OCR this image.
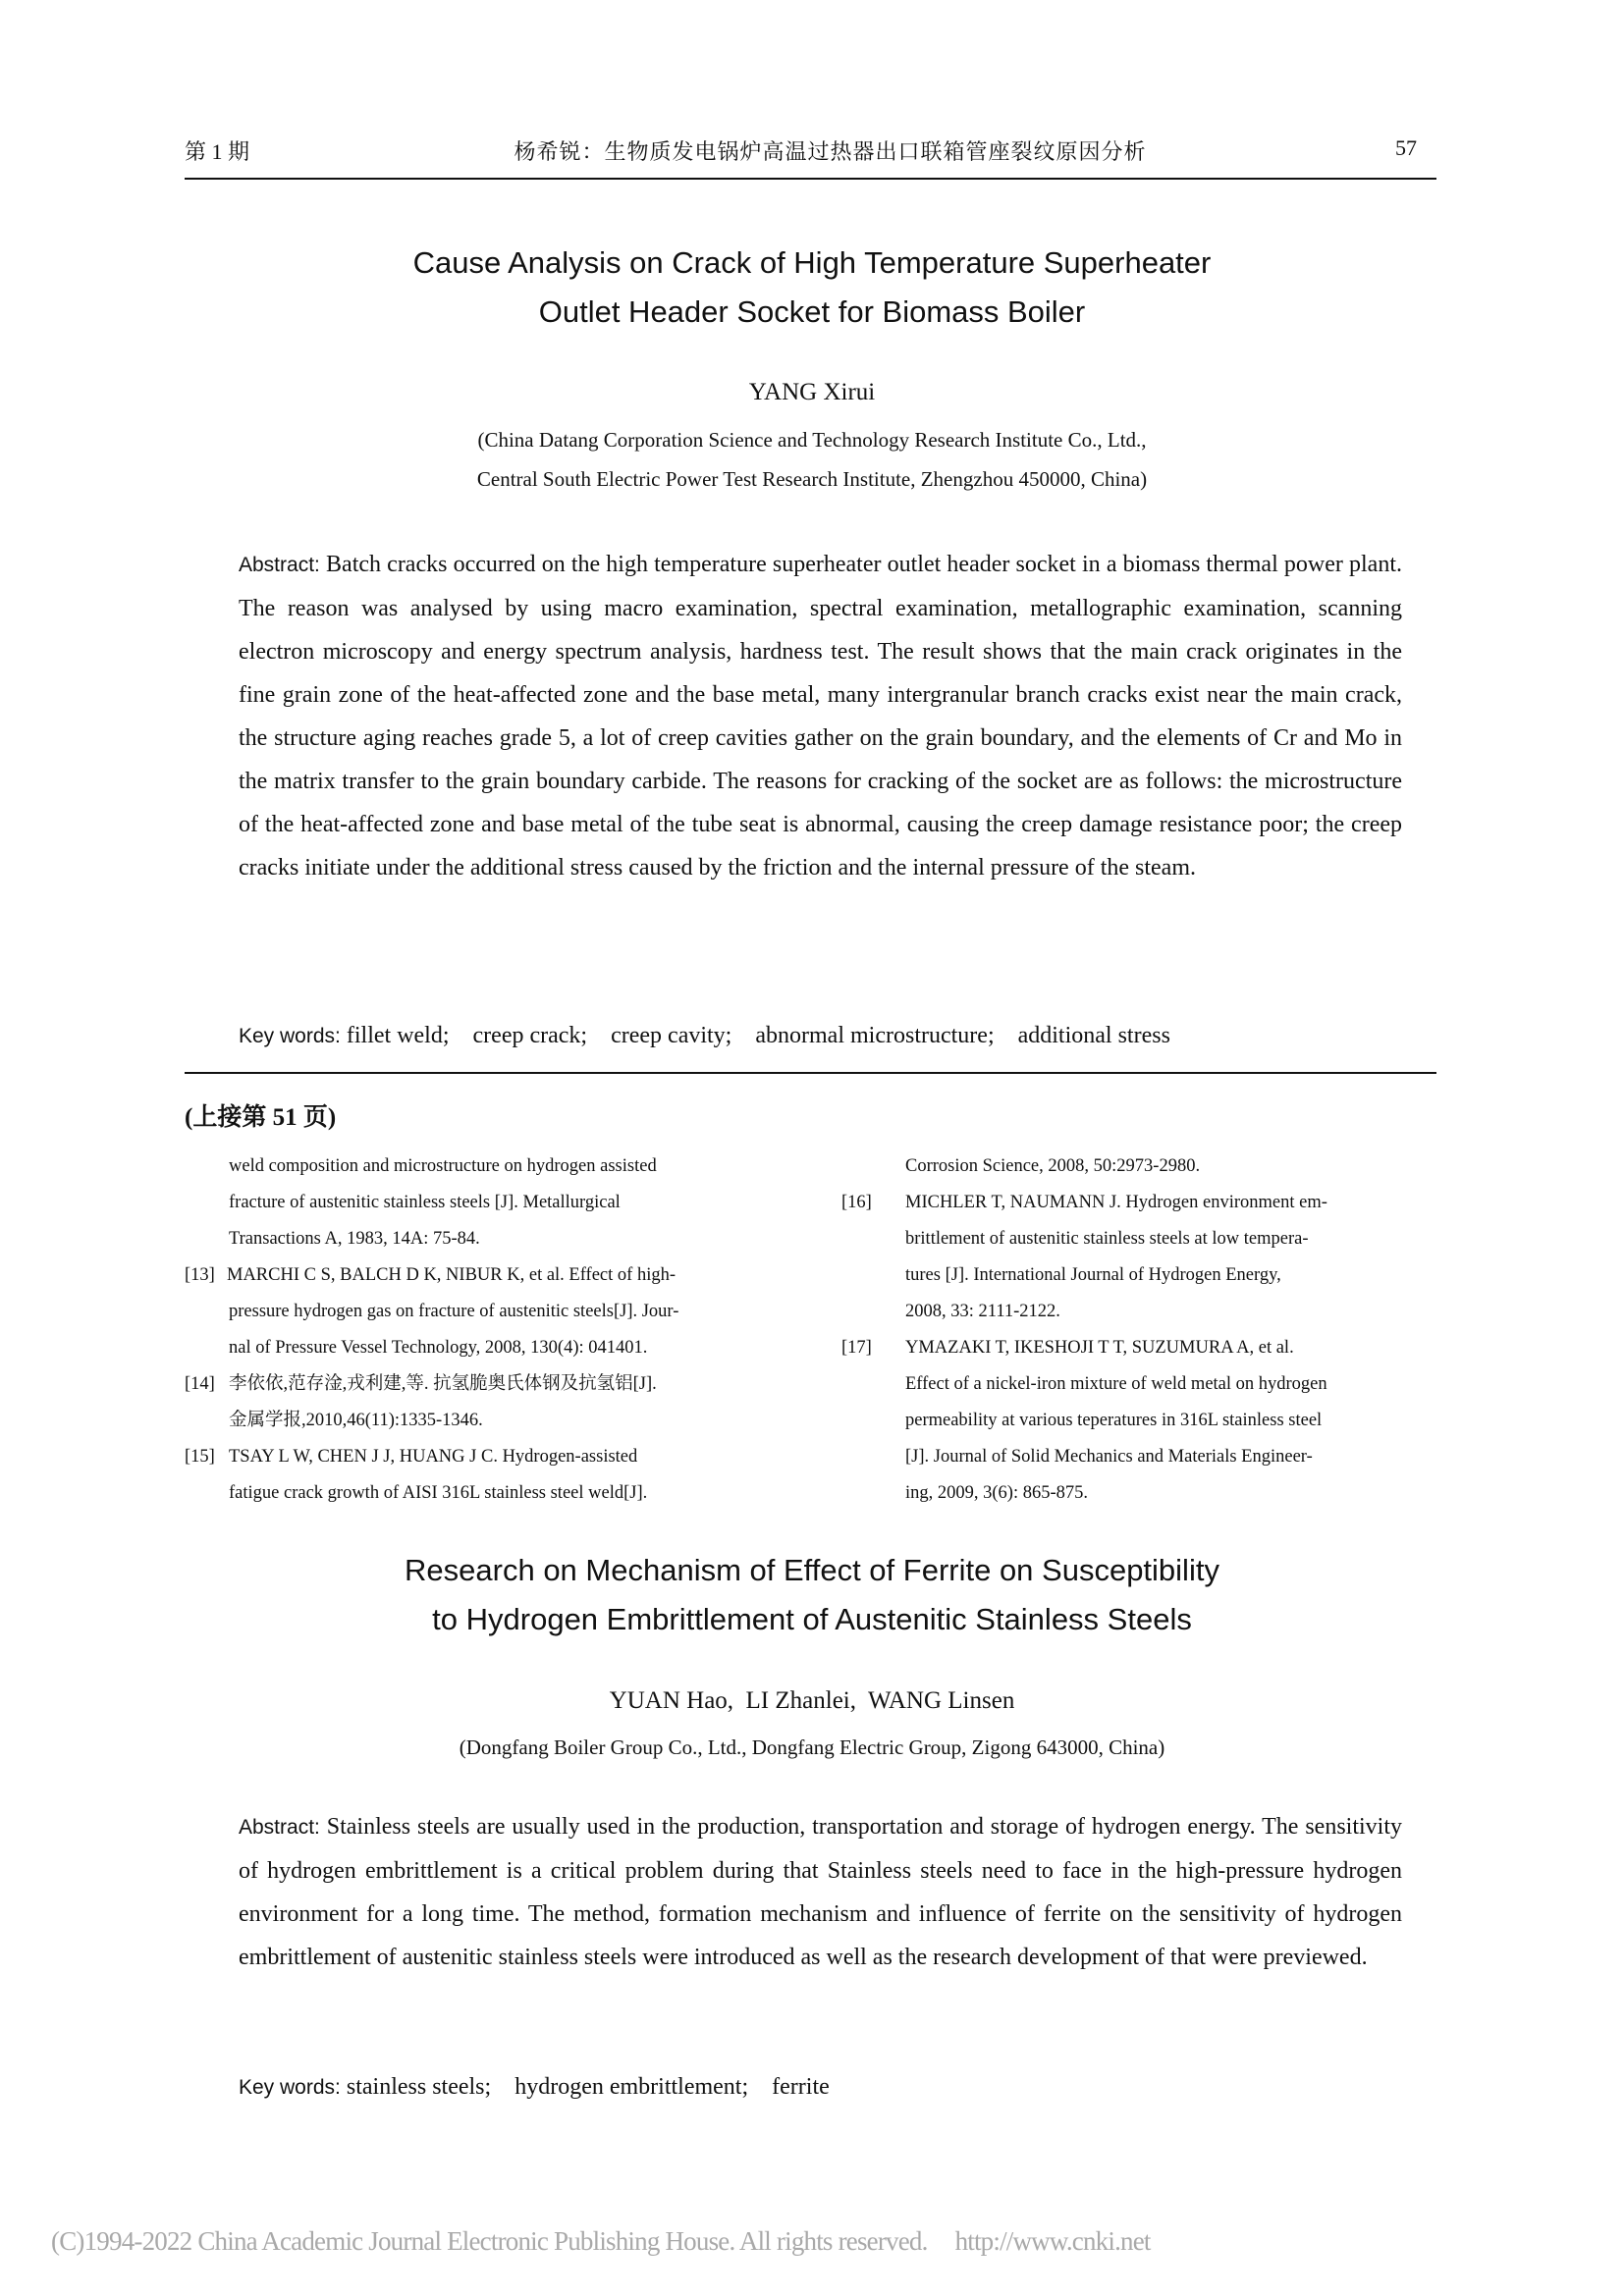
第 1 期	杨希锐：生物质发电锅炉高温过热器出口联箱管座裂纹原因分析	57
Cause Analysis on Crack of High Temperature Superheater
Outlet Header Socket for Biomass Boiler
YANG Xirui
(China Datang Corporation Science and Technology Research Institute Co., Ltd.,
Central South Electric Power Test Research Institute, Zhengzhou 450000, China)
Abstract: Batch cracks occurred on the high temperature superheater outlet header socket in a biomass thermal power plant. The reason was analysed by using macro examination, spectral examination, metallographic examination, scanning electron microscopy and energy spectrum analysis, hardness test. The result shows that the main crack originates in the fine grain zone of the heat-affected zone and the base metal, many intergranular branch cracks exist near the main crack, the structure aging reaches grade 5, a lot of creep cavities gather on the grain boundary, and the elements of Cr and Mo in the matrix transfer to the grain boundary carbide. The reasons for cracking of the socket are as follows: the microstructure of the heat-affected zone and base metal of the tube seat is abnormal, causing the creep damage resistance poor; the creep cracks initiate under the additional stress caused by the friction and the internal pressure of the steam.
Key words: fillet weld; creep crack; creep cavity; abnormal microstructure; additional stress
(上接第 51 页)
weld composition and microstructure on hydrogen assisted
fracture of austenitic stainless steels [J]. Metallurgical
Transactions A, 1983, 14A: 75-84.
[13] MARCHI C S, BALCH D K, NIBUR K, et al. Effect of high-
pressure hydrogen gas on fracture of austenitic steels[J]. Jour-
nal of Pressure Vessel Technology, 2008, 130(4): 041401.
[14] 李依依,范存淦,戎利建,等. 抗氢脆奥氏体钢及抗氢铝[J].
金属学报,2010,46(11):1335-1346.
[15] TSAY L W, CHEN J J, HUANG J C. Hydrogen-assisted
fatigue crack growth of AISI 316L stainless steel weld[J].
Corrosion Science, 2008, 50:2973-2980.
[16] MICHLER T, NAUMANN J. Hydrogen environment em-
brittlement of austenitic stainless steels at low tempera-
tures [J]. International Journal of Hydrogen Energy,
2008, 33: 2111-2122.
[17] YMAZAKI T, IKESHOJI T T, SUZUMURA A, et al.
Effect of a nickel-iron mixture of weld metal on hydrogen
permeability at various teperatures in 316L stainless steel
[J]. Journal of Solid Mechanics and Materials Engineer-
ing, 2009, 3(6): 865-875.
Research on Mechanism of Effect of Ferrite on Susceptibility
to Hydrogen Embrittlement of Austenitic Stainless Steels
YUAN Hao,  LI Zhanlei,  WANG Linsen
(Dongfang Boiler Group Co., Ltd., Dongfang Electric Group, Zigong 643000, China)
Abstract: Stainless steels are usually used in the production, transportation and storage of hydrogen energy. The sensitivity of hydrogen embrittlement is a critical problem during that Stainless steels need to face in the high-pressure hydrogen environment for a long time. The method, formation mechanism and influence of ferrite on the sensitivity of hydrogen embrittlement of austenitic stainless steels were introduced as well as the research development of that were previewed.
Key words: stainless steels; hydrogen embrittlement; ferrite
(C)1994-2022 China Academic Journal Electronic Publishing House. All rights reserved. http://www.cnki.net
